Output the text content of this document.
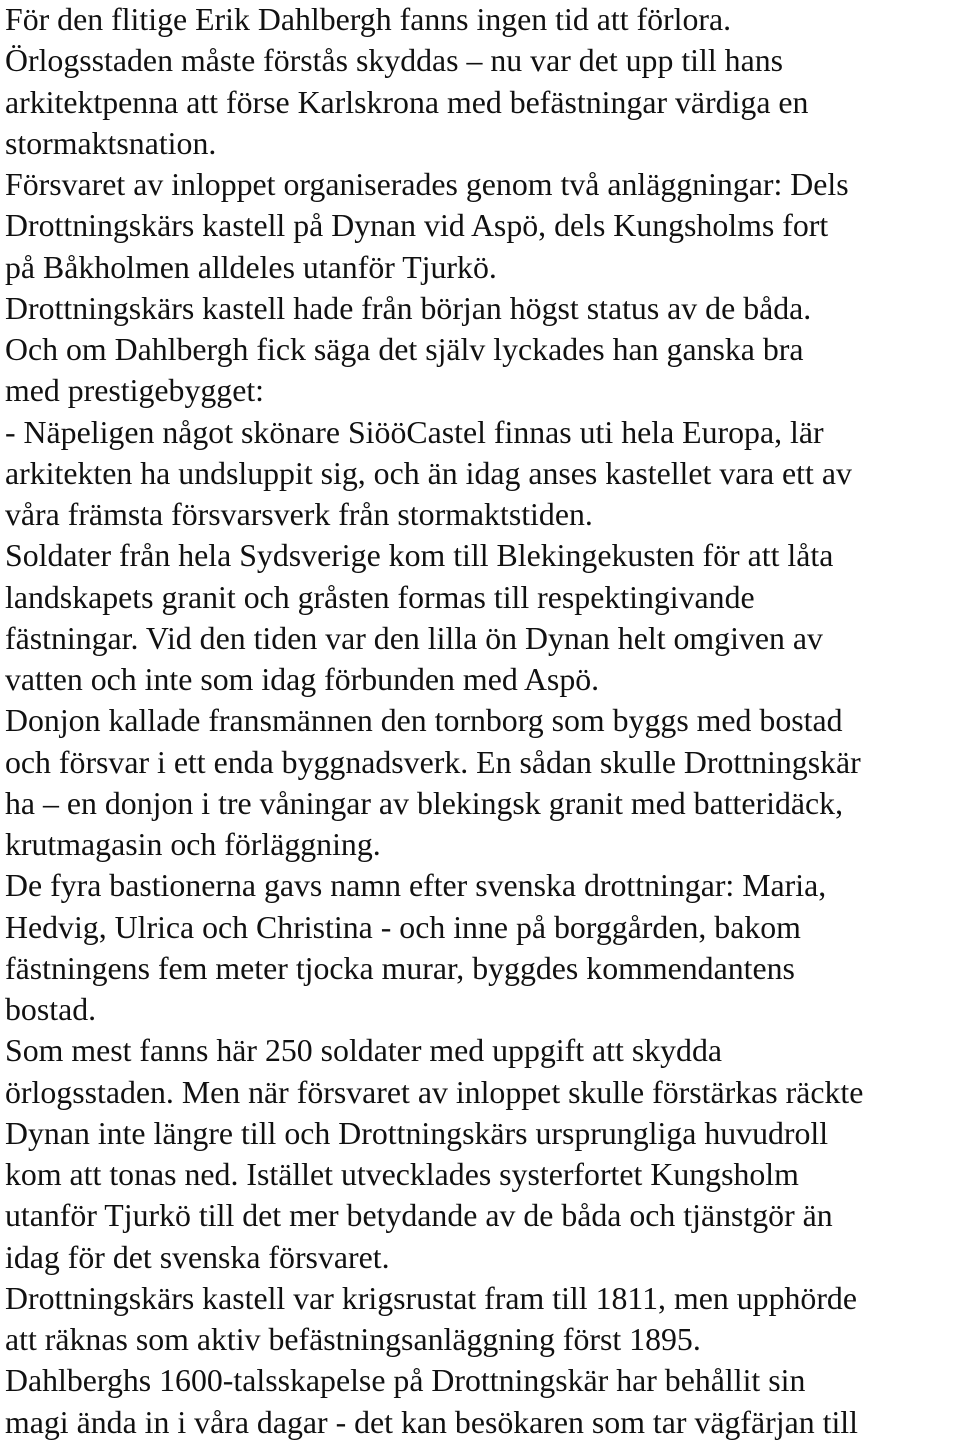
För den flitige Erik Dahlbergh fanns ingen tid att förlora.
Örlogsstaden måste förstås skyddas – nu var det upp till hans
arkitektpenna att förse Karlskrona med befästningar värdiga en
stormaktsnation.
Försvaret av inloppet organiserades genom två anläggningar: Dels
Drottningskärs kastell på Dynan vid Aspö, dels Kungsholms fort
på Båkholmen alldeles utanför Tjurkö.
Drottningskärs kastell hade från början högst status av de båda.
Och om Dahlbergh fick säga det själv lyckades han ganska bra
med prestigebygget:
- Näpeligen något skönare SiööCastel finnas uti hela Europa, lär
arkitekten ha undsluppit sig, och än idag anses kastellet vara ett av
våra främsta försvarsverk från stormaktstiden.
Soldater från hela Sydsverige kom till Blekingekusten för att låta
landskapets granit och gråsten formas till respektingivande
fästningar. Vid den tiden var den lilla ön Dynan helt omgiven av
vatten och inte som idag förbunden med Aspö.
Donjon kallade fransmännen den tornborg som byggs med bostad
och försvar i ett enda byggnadsverk. En sådan skulle Drottningskär
ha – en donjon i tre våningar av blekingsk granit med batteridäck,
krutmagasin och förläggning.
De fyra bastionerna gavs namn efter svenska drottningar: Maria,
Hedvig, Ulrica och Christina - och inne på borggården, bakom
fästningens fem meter tjocka murar, byggdes kommendantens
bostad.
Som mest fanns här 250 soldater med uppgift att skydda
örlogsstaden. Men när försvaret av inloppet skulle förstärkas räckte
Dynan inte längre till och Drottningskärs ursprungliga huvudroll
kom att tonas ned. Istället utvecklades systerfortet Kungsholm
utanför Tjurkö till det mer betydande av de båda och tjänstgör än
idag för det svenska försvaret.
Drottningskärs kastell var krigsrustat fram till 1811, men upphörde
att räknas som aktiv befästningsanläggning först 1895.
Dahlberghs 1600-talsskapelse på Drottningskär har behållit sin
magi ända in i våra dagar - det kan besökaren som tar vägfärjan till
